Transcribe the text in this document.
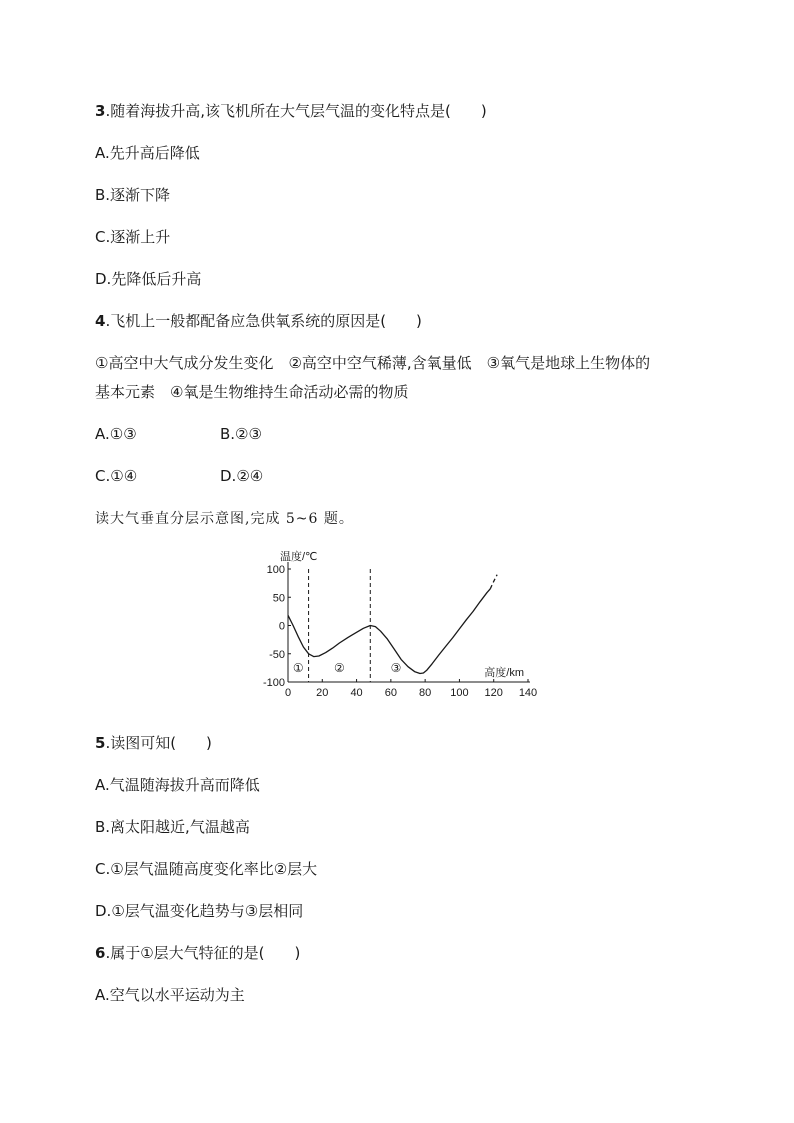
3.随着海拔升高,该飞机所在大气层气温的变化特点是(　　)
A.先升高后降低
B.逐渐下降
C.逐渐上升
D.先降低后升高
4.飞机上一般都配备应急供氧系统的原因是(　　)
①高空中大气成分发生变化　②高空中空气稀薄,含氧量低　③氧气是地球上生物体的
基本元素　④氧是生物维持生命活动必需的物质
A.①③	B.②③
C.①④	D.②④
读大气垂直分层示意图,完成 5~6 题。
100
50
0
-50
-100
0 20 40 60 80 100 120 140
温度/℃
高度/km
①	②	③
5.读图可知(　　)
A.气温随海拔升高而降低
B.离太阳越近,气温越高
C.①层气温随高度变化率比②层大
D.①层气温变化趋势与③层相同
6.属于①层大气特征的是(　　)
A.空气以水平运动为主
